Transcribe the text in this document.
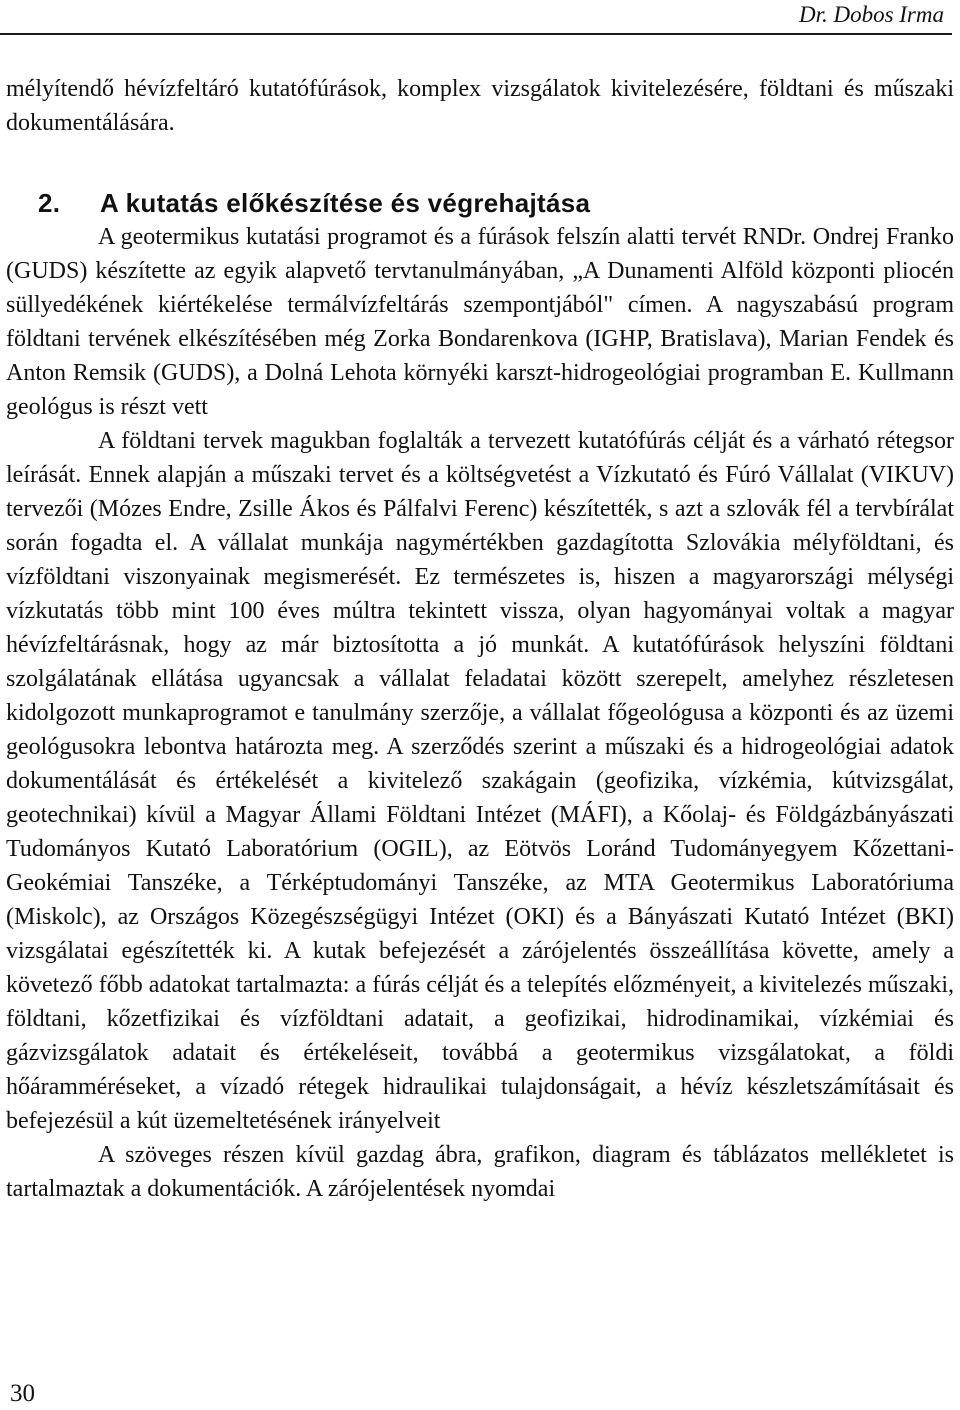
Dr. Dobos Irma

mélyítendő hévízfeltáró kutatófúrások, komplex vizsgálatok kivitelezésére, földtani és műszaki dokumentálására.

2. A kutatás előkészítése és végrehajtása

A geotermikus kutatási programot és a fúrások felszín alatti tervét RNDr. Ondrej Franko (GUDS) készítette az egyik alapvető tervtanulmányában, „A Dunamenti Alföld központi pliocén süllyedékének kiértékelése termálvízfeltárás szempontjából" címen. A nagyszabású program földtani tervének elkészítésében még Zorka Bondarenkova (IGHP, Bratislava), Marian Fendek és Anton Remsik (GUDS), a Dolná Lehota környéki karszt-hidrogeológiai programban E. Kullmann geológus is részt vett

A földtani tervek magukban foglalták a tervezett kutatófúrás célját és a várható rétegsor leírását. Ennek alapján a műszaki tervet és a költségvetést a Vízkutató és Fúró Vállalat (VIKUV) tervezői (Mózes Endre, Zsille Ákos és Pálfalvi Ferenc) készítették, s azt a szlovák fél a tervbírálat során fogadta el. A vállalat munkája nagymértékben gazdagította Szlovákia mélyföldtani, és vízföldtani viszonyainak megismerését. Ez természetes is, hiszen a magyarországi mélységi vízkutatás több mint 100 éves múltra tekintett vissza, olyan hagyományai voltak a magyar hévízfeltárásnak, hogy az már biztosította a jó munkát. A kutatófúrások helyszíni földtani szolgálatának ellátása ugyancsak a vállalat feladatai között szerepelt, amelyhez részletesen kidolgozott munkaprogramot e tanulmány szerzője, a vállalat főgeológusa a központi és az üzemi geológusokra lebontva határozta meg. A szerződés szerint a műszaki és a hidrogeológiai adatok dokumentálását és értékelését a kivitelező szakágain (geofizika, vízkémia, kútvizsgálat, geotechnikai) kívül a Magyar Állami Földtani Intézet (MÁFI), a Kőolaj- és Földgázbányászati Tudományos Kutató Laboratórium (OGIL), az Eötvös Loránd Tudományegyem Kőzettani-Geokémiai Tanszéke, a Térképtudományi Tanszéke, az MTA Geotermikus Laboratóriuma (Miskolc), az Országos Közegészségügyi Intézet (OKI) és a Bányászati Kutató Intézet (BKI) vizsgálatai egészítették ki. A kutak befejezését a zárójelentés összeállítása követte, amely a követező főbb adatokat tartalmazta: a fúrás célját és a telepítés előzményeit, a kivitelezés műszaki, földtani, kőzetfizikai és vízföldtani adatait, a geofizikai, hidrodinamikai, vízkémiai és gázvizsgálatok adatait és értékeléseit, továbbá a geotermikus vizsgálatokat, a földi hőáramméréseket, a vízadó rétegek hidraulikai tulajdonságait, a hévíz készletszámításait és befejezésül a kút üzemeltetésének irányelveit

A szöveges részen kívül gazdag ábra, grafikon, diagram és táblázatos mellékletet is tartalmaztak a dokumentációk. A zárójelentések nyomdai

30
